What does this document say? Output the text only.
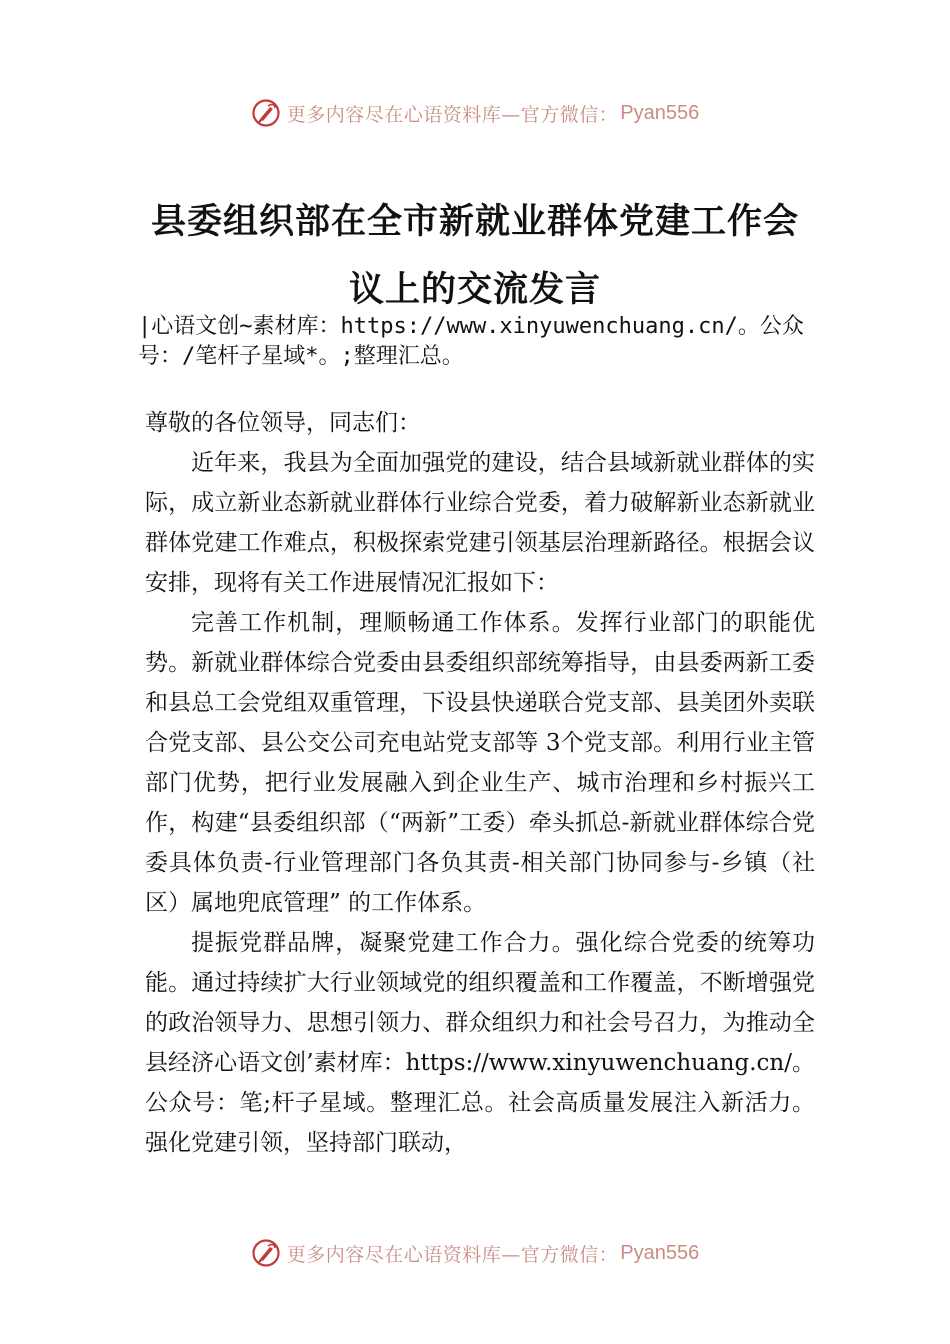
更多内容尽在心语资料库—官方微信： Pyan556
县委组织部在全市新就业群体党建工作会
议上的交流发言
|心语文创~素材库：https://www.xinyuwenchuang.cn/。公众号：/笔杆子星域*。;整理汇总。

尊敬的各位领导，同志们：

近年来，我县为全面加强党的建设，结合县域新就业群体的实际，成立新业态新就业群体行业综合党委，着力破解新业态新就业群体党建工作难点，积极探索党建引领基层治理新路径。根据会议安排，现将有关工作进展情况汇报如下：

完善工作机制，理顺畅通工作体系。发挥行业部门的职能优势。新就业群体综合党委由县委组织部统筹指导，由县委两新工委和县总工会党组双重管理，下设县快递联合党支部、县美团外卖联合党支部、县公交公司充电站党支部等 3个党支部。利用行业主管部门优势，把行业发展融入到企业生产、城市治理和乡村振兴工作，构建“县委组织部（“两新”工委）牵头抓总-新就业群体综合党委具体负责-行业管理部门各负其责-相关部门协同参与-乡镇（社区）属地兜底管理” 的工作体系。

提振党群品牌，凝聚党建工作合力。强化综合党委的统筹功能。通过持续扩大行业领域党的组织覆盖和工作覆盖，不断增强党的政治领导力、思想引领力、群众组织力和社会号召力，为推动全县经济心语文创’素材库：https://www.xinyuwenchuang.cn/。公众号：笔;杆子星域。整理汇总。社会高质量发展注入新活力。强化党建引领，坚持部门联动，

更多内容尽在心语资料库—官方微信： Pyan556
